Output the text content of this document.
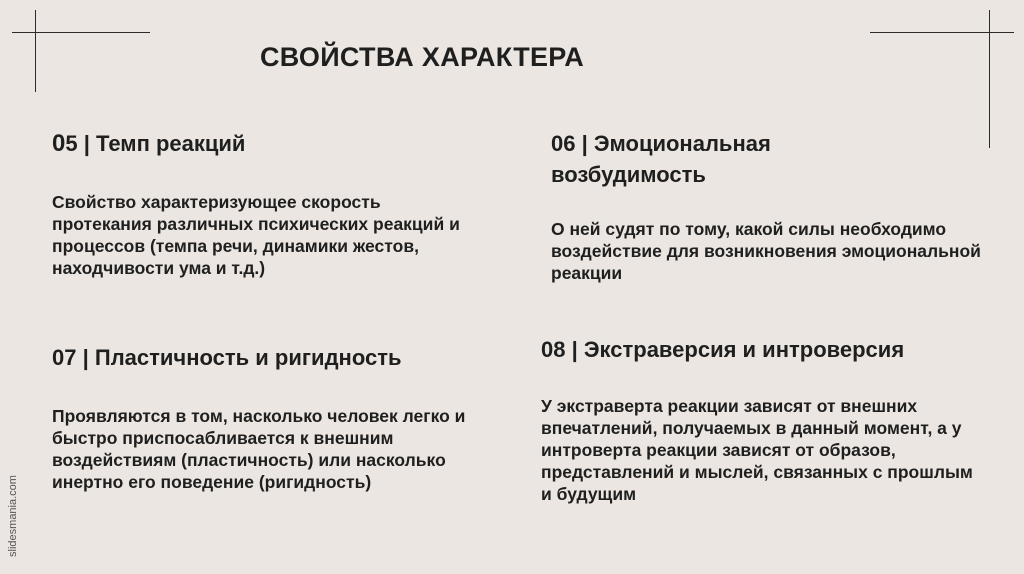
СВОЙСТВА ХАРАКТЕРА

05 | Темп реакций

Свойство характеризующее скорость протекания различных психических реакций и процессов (темпа речи, динамики жестов, находчивости ума и т.д.)

06 | Эмоциональная возбудимость

О ней судят по тому, какой силы необходимо воздействие для возникновения эмоциональной реакции

07 | Пластичность и ригидность

Проявляются в том, насколько человек легко и быстро приспосабливается к внешним воздействиям (пластичность) или насколько инертно его поведение (ригидность)

08 | Экстраверсия и интроверсия

У экстраверта реакции зависят от внешних впечатлений, получаемых в данный момент, а у интроверта реакции зависят от образов, представлений и мыслей, связанных с прошлым и будущим

slidesmania.com
